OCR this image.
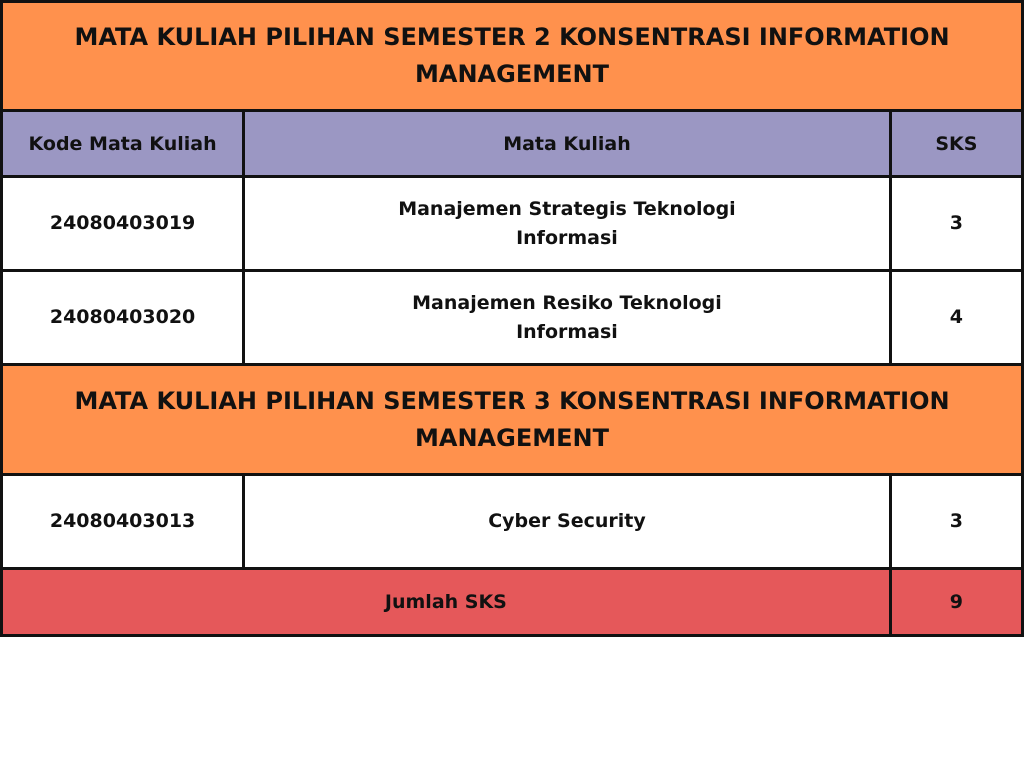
MATA KULIAH PILIHAN SEMESTER 2 KONSENTRASI INFORMATION MANAGEMENT		
Kode Mata Kuliah	Mata Kuliah	SKS
24080403019	Manajemen Strategis Teknologi Informasi	3
24080403020	Manajemen Resiko Teknologi Informasi	4
MATA KULIAH PILIHAN SEMESTER 3 KONSENTRASI INFORMATION MANAGEMENT		
24080403013	Cyber Security	3
Jumlah SKS		9
